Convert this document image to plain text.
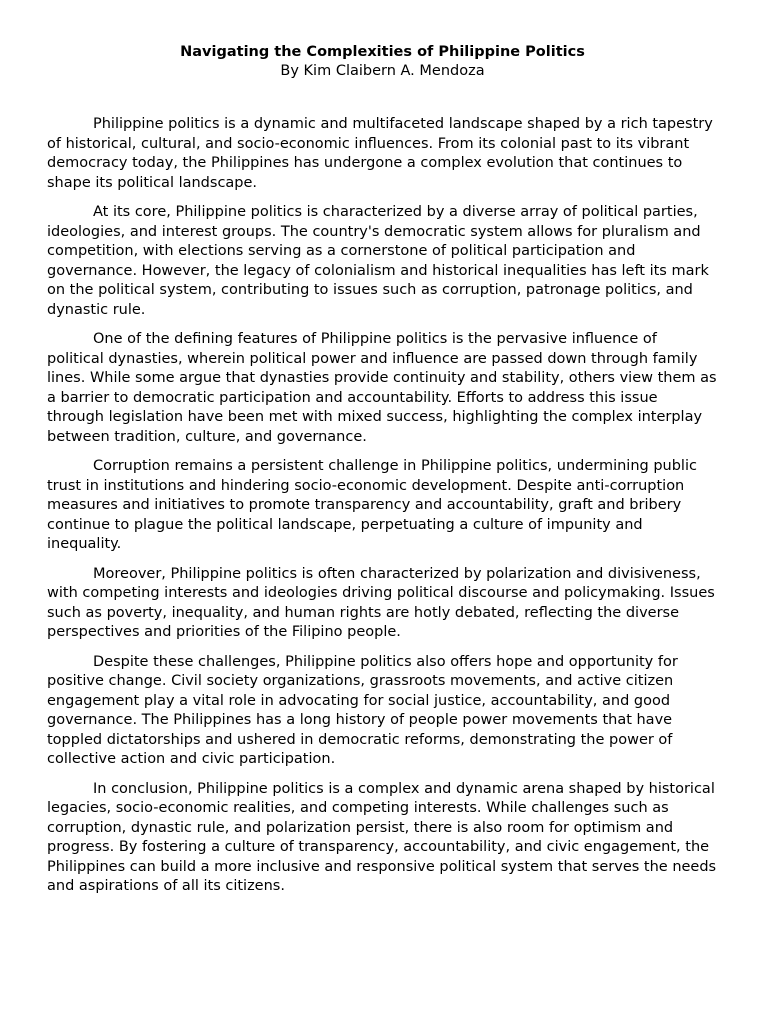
Navigating the Complexities of Philippine Politics

By Kim Claibern A. Mendoza

Philippine politics is a dynamic and multifaceted landscape shaped by a rich tapestry of historical, cultural, and socio-economic influences. From its colonial past to its vibrant democracy today, the Philippines has undergone a complex evolution that continues to shape its political landscape.

At its core, Philippine politics is characterized by a diverse array of political parties, ideologies, and interest groups. The country's democratic system allows for pluralism and competition, with elections serving as a cornerstone of political participation and governance. However, the legacy of colonialism and historical inequalities has left its mark on the political system, contributing to issues such as corruption, patronage politics, and dynastic rule.

One of the defining features of Philippine politics is the pervasive influence of political dynasties, wherein political power and influence are passed down through family lines. While some argue that dynasties provide continuity and stability, others view them as a barrier to democratic participation and accountability. Efforts to address this issue through legislation have been met with mixed success, highlighting the complex interplay between tradition, culture, and governance.

Corruption remains a persistent challenge in Philippine politics, undermining public trust in institutions and hindering socio-economic development. Despite anti-corruption measures and initiatives to promote transparency and accountability, graft and bribery continue to plague the political landscape, perpetuating a culture of impunity and inequality.

Moreover, Philippine politics is often characterized by polarization and divisiveness, with competing interests and ideologies driving political discourse and policymaking. Issues such as poverty, inequality, and human rights are hotly debated, reflecting the diverse perspectives and priorities of the Filipino people.

Despite these challenges, Philippine politics also offers hope and opportunity for positive change. Civil society organizations, grassroots movements, and active citizen engagement play a vital role in advocating for social justice, accountability, and good governance. The Philippines has a long history of people power movements that have toppled dictatorships and ushered in democratic reforms, demonstrating the power of collective action and civic participation.

In conclusion, Philippine politics is a complex and dynamic arena shaped by historical legacies, socio-economic realities, and competing interests. While challenges such as corruption, dynastic rule, and polarization persist, there is also room for optimism and progress. By fostering a culture of transparency, accountability, and civic engagement, the Philippines can build a more inclusive and responsive political system that serves the needs and aspirations of all its citizens.
